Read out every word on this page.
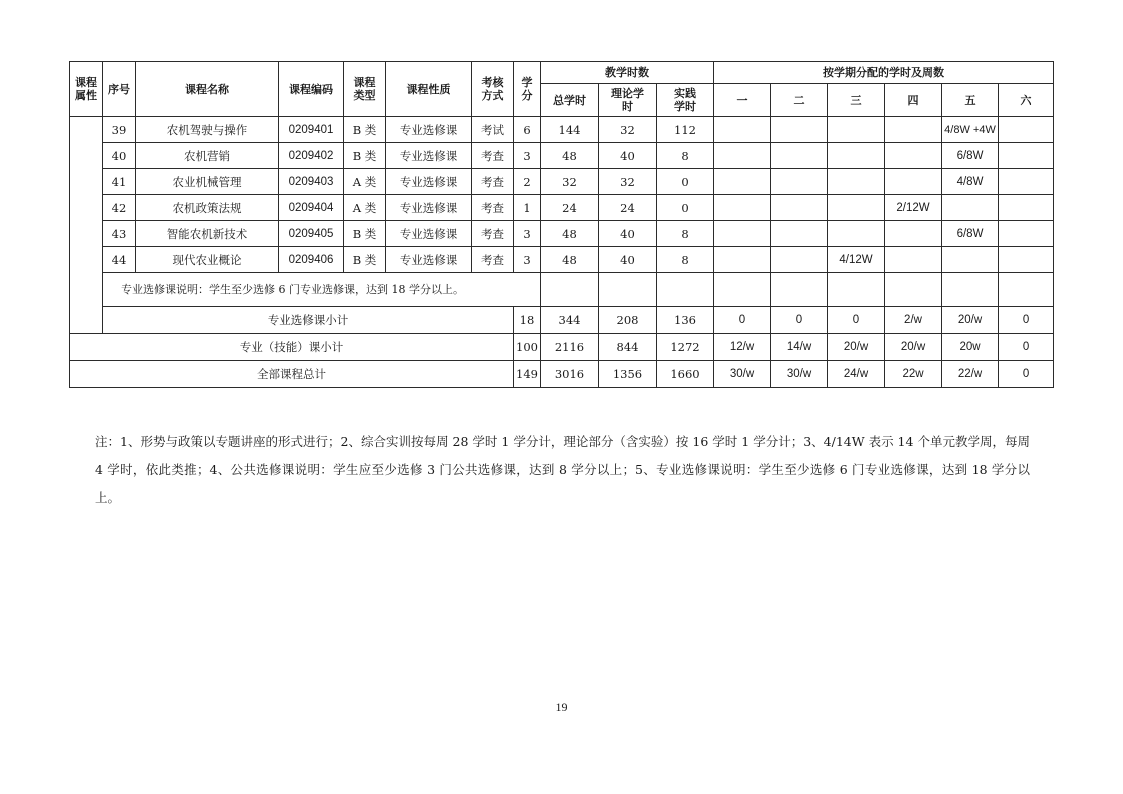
课程属性	序号	课程名称	课程编码	课程类型	课程性质	考核方式	学分	教学时数			按学期分配的学时及周数						
								总学时	理论学时	实践学时	一	二	三	四	五	六	
	39	农机驾驶与操作	0209401	B 类	专业选修课	考试	6	144	32	112					4/8W +4W		
	40	农机营销	0209402	B 类	专业选修课	考查	3	48	40	8					6/8W		
	41	农业机械管理	0209403	A 类	专业选修课	考查	2	32	32	0					4/8W		
	42	农机政策法规	0209404	A 类	专业选修课	考查	1	24	24	0				2/12W			
	43	智能农机新技术	0209405	B 类	专业选修课	考查	3	48	40	8					6/8W		
	44	现代农业概论	0209406	B 类	专业选修课	考查	3	48	40	8			4/12W				
	专业选修课说明：学生至少选修 6 门专业选修课，达到 18 学分以上。																
	专业选修课小计						18	344	208	136	0	0	0	2/w	20/w	0	
专业（技能）课小计							100	2116	844	1272	12/w	14/w	20/w	20/w	20w	0	
全部课程总计							149	3016	1356	1660	30/w	30/w	24/w	22w	22/w	0	
注：1、形势与政策以专题讲座的形式进行；2、综合实训按每周 28 学时 1 学分计，理论部分（含实验）按 16 学时 1 学分计；3、4/14W 表示 14 个单元教学周，每周 4 学时，依此类推；4、公共选修课说明：学生应至少选修 3 门公共选修课，达到 8 学分以上；5、专业选修课说明：学生至少选修 6 门专业选修课，达到 18 学分以上。
19
